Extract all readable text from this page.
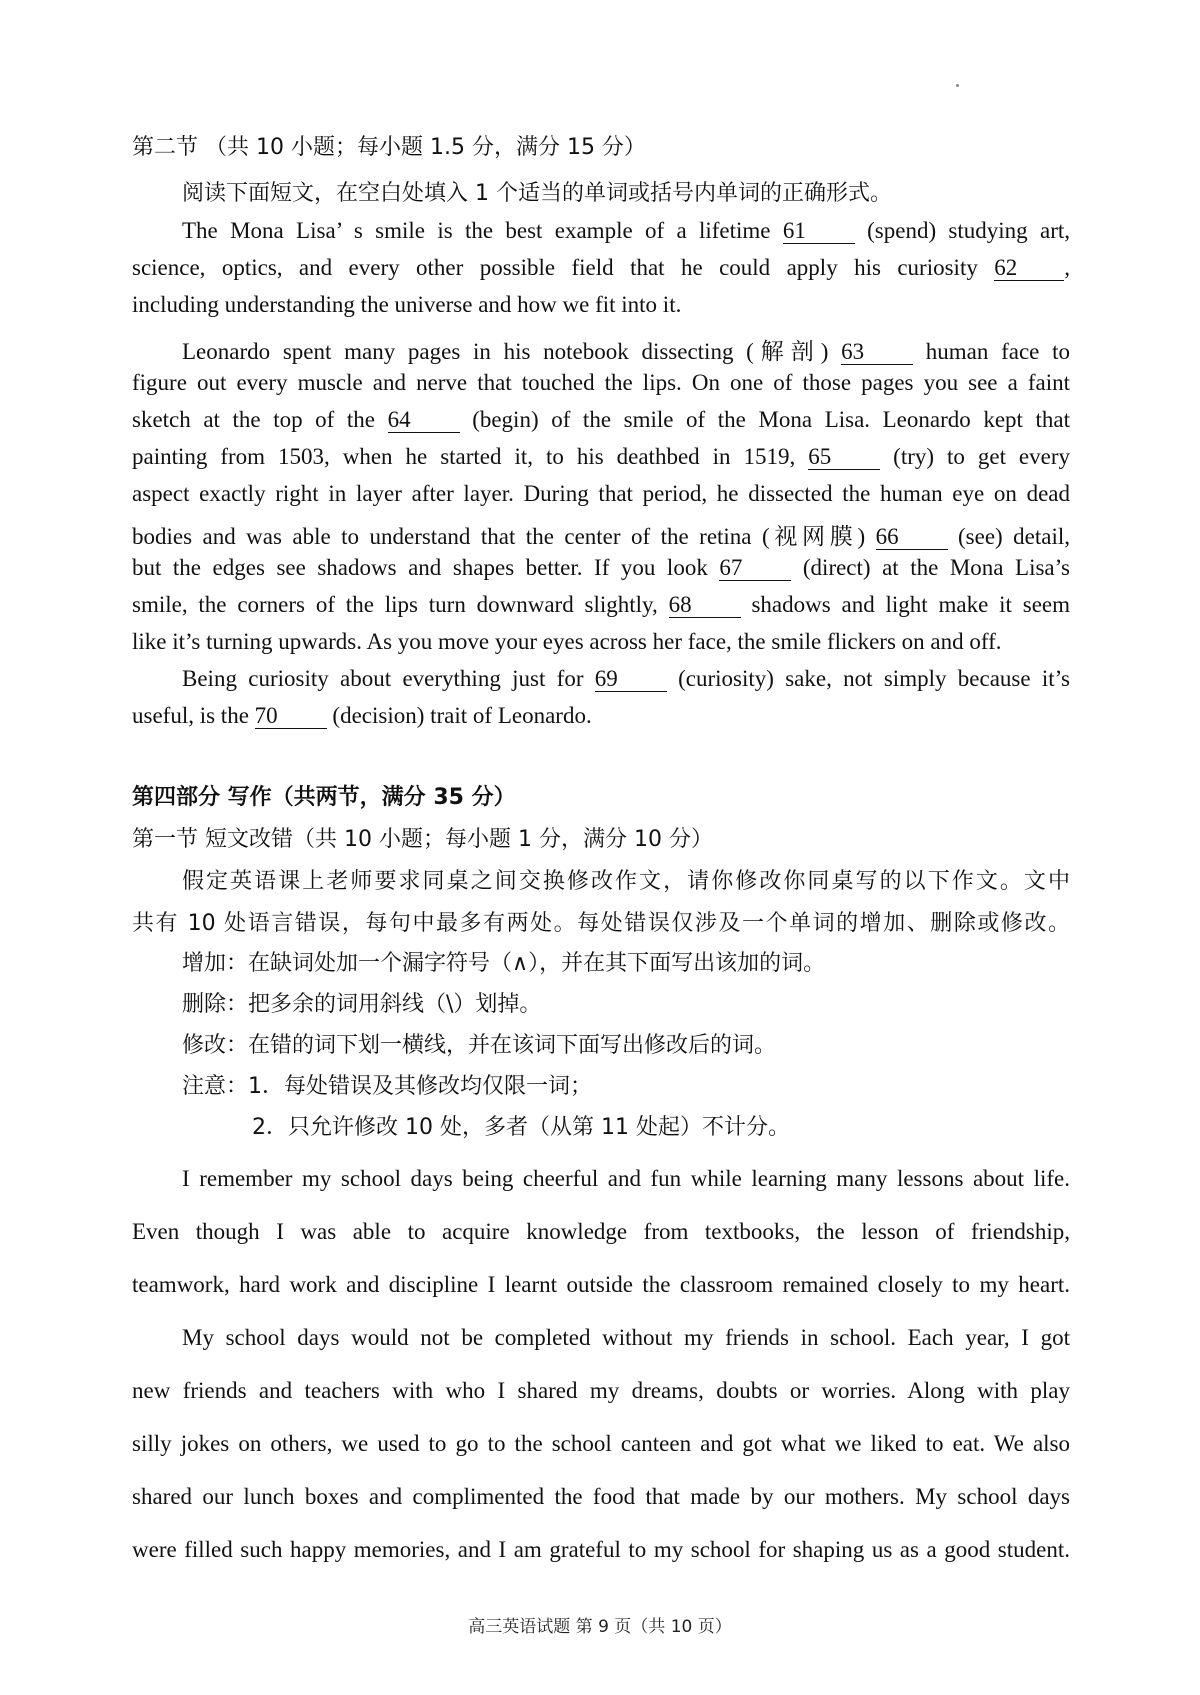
第二节 （共 10 小题；每小题 1.5 分，满分 15 分）

阅读下面短文，在空白处填入 1 个适当的单词或括号内单词的正确形式。

The Mona Lisa’ s smile is the best example of a lifetime 61 (spend) studying art,

science, optics, and every other possible field that he could apply his curiosity 62 ,

including understanding the universe and how we fit into it.

Leonardo spent many pages in his notebook dissecting (解剖) 63 human face to

figure out every muscle and nerve that touched the lips. On one of those pages you see a faint

sketch at the top of the 64 (begin) of the smile of the Mona Lisa. Leonardo kept that

painting from 1503, when he started it, to his deathbed in 1519, 65 (try) to get every

aspect exactly right in layer after layer. During that period, he dissected the human eye on dead

bodies and was able to understand that the center of the retina (视网膜) 66 (see) detail,

but the edges see shadows and shapes better. If you look 67 (direct) at the Mona Lisa’s

smile, the corners of the lips turn downward slightly, 68 shadows and light make it seem

like it’s turning upwards. As you move your eyes across her face, the smile flickers on and off.

Being curiosity about everything just for 69 (curiosity) sake, not simply because it’s

useful, is the 70 (decision) trait of Leonardo.

第四部分 写作（共两节，满分 35 分）

第一节 短文改错（共 10 小题；每小题 1 分，满分 10 分）

假定英语课上老师要求同桌之间交换修改作文，请你修改你同桌写的以下作文。文中

共有 10 处语言错误，每句中最多有两处。每处错误仅涉及一个单词的增加、删除或修改。

增加：在缺词处加一个漏字符号（∧），并在其下面写出该加的词。

删除：把多余的词用斜线（\）划掉。

修改：在错的词下划一横线，并在该词下面写出修改后的词。

注意：1．每处错误及其修改均仅限一词；

2．只允许修改 10 处，多者（从第 11 处起）不计分。

I remember my school days being cheerful and fun while learning many lessons about life.

Even though I was able to acquire knowledge from textbooks, the lesson of friendship,

teamwork, hard work and discipline I learnt outside the classroom remained closely to my heart.

My school days would not be completed without my friends in school. Each year, I got

new friends and teachers with who I shared my dreams, doubts or worries. Along with play

silly jokes on others, we used to go to the school canteen and got what we liked to eat. We also

shared our lunch boxes and complimented the food that made by our mothers. My school days

were filled such happy memories, and I am grateful to my school for shaping us as a good student.

高三英语试题 第 9 页（共 10 页）
